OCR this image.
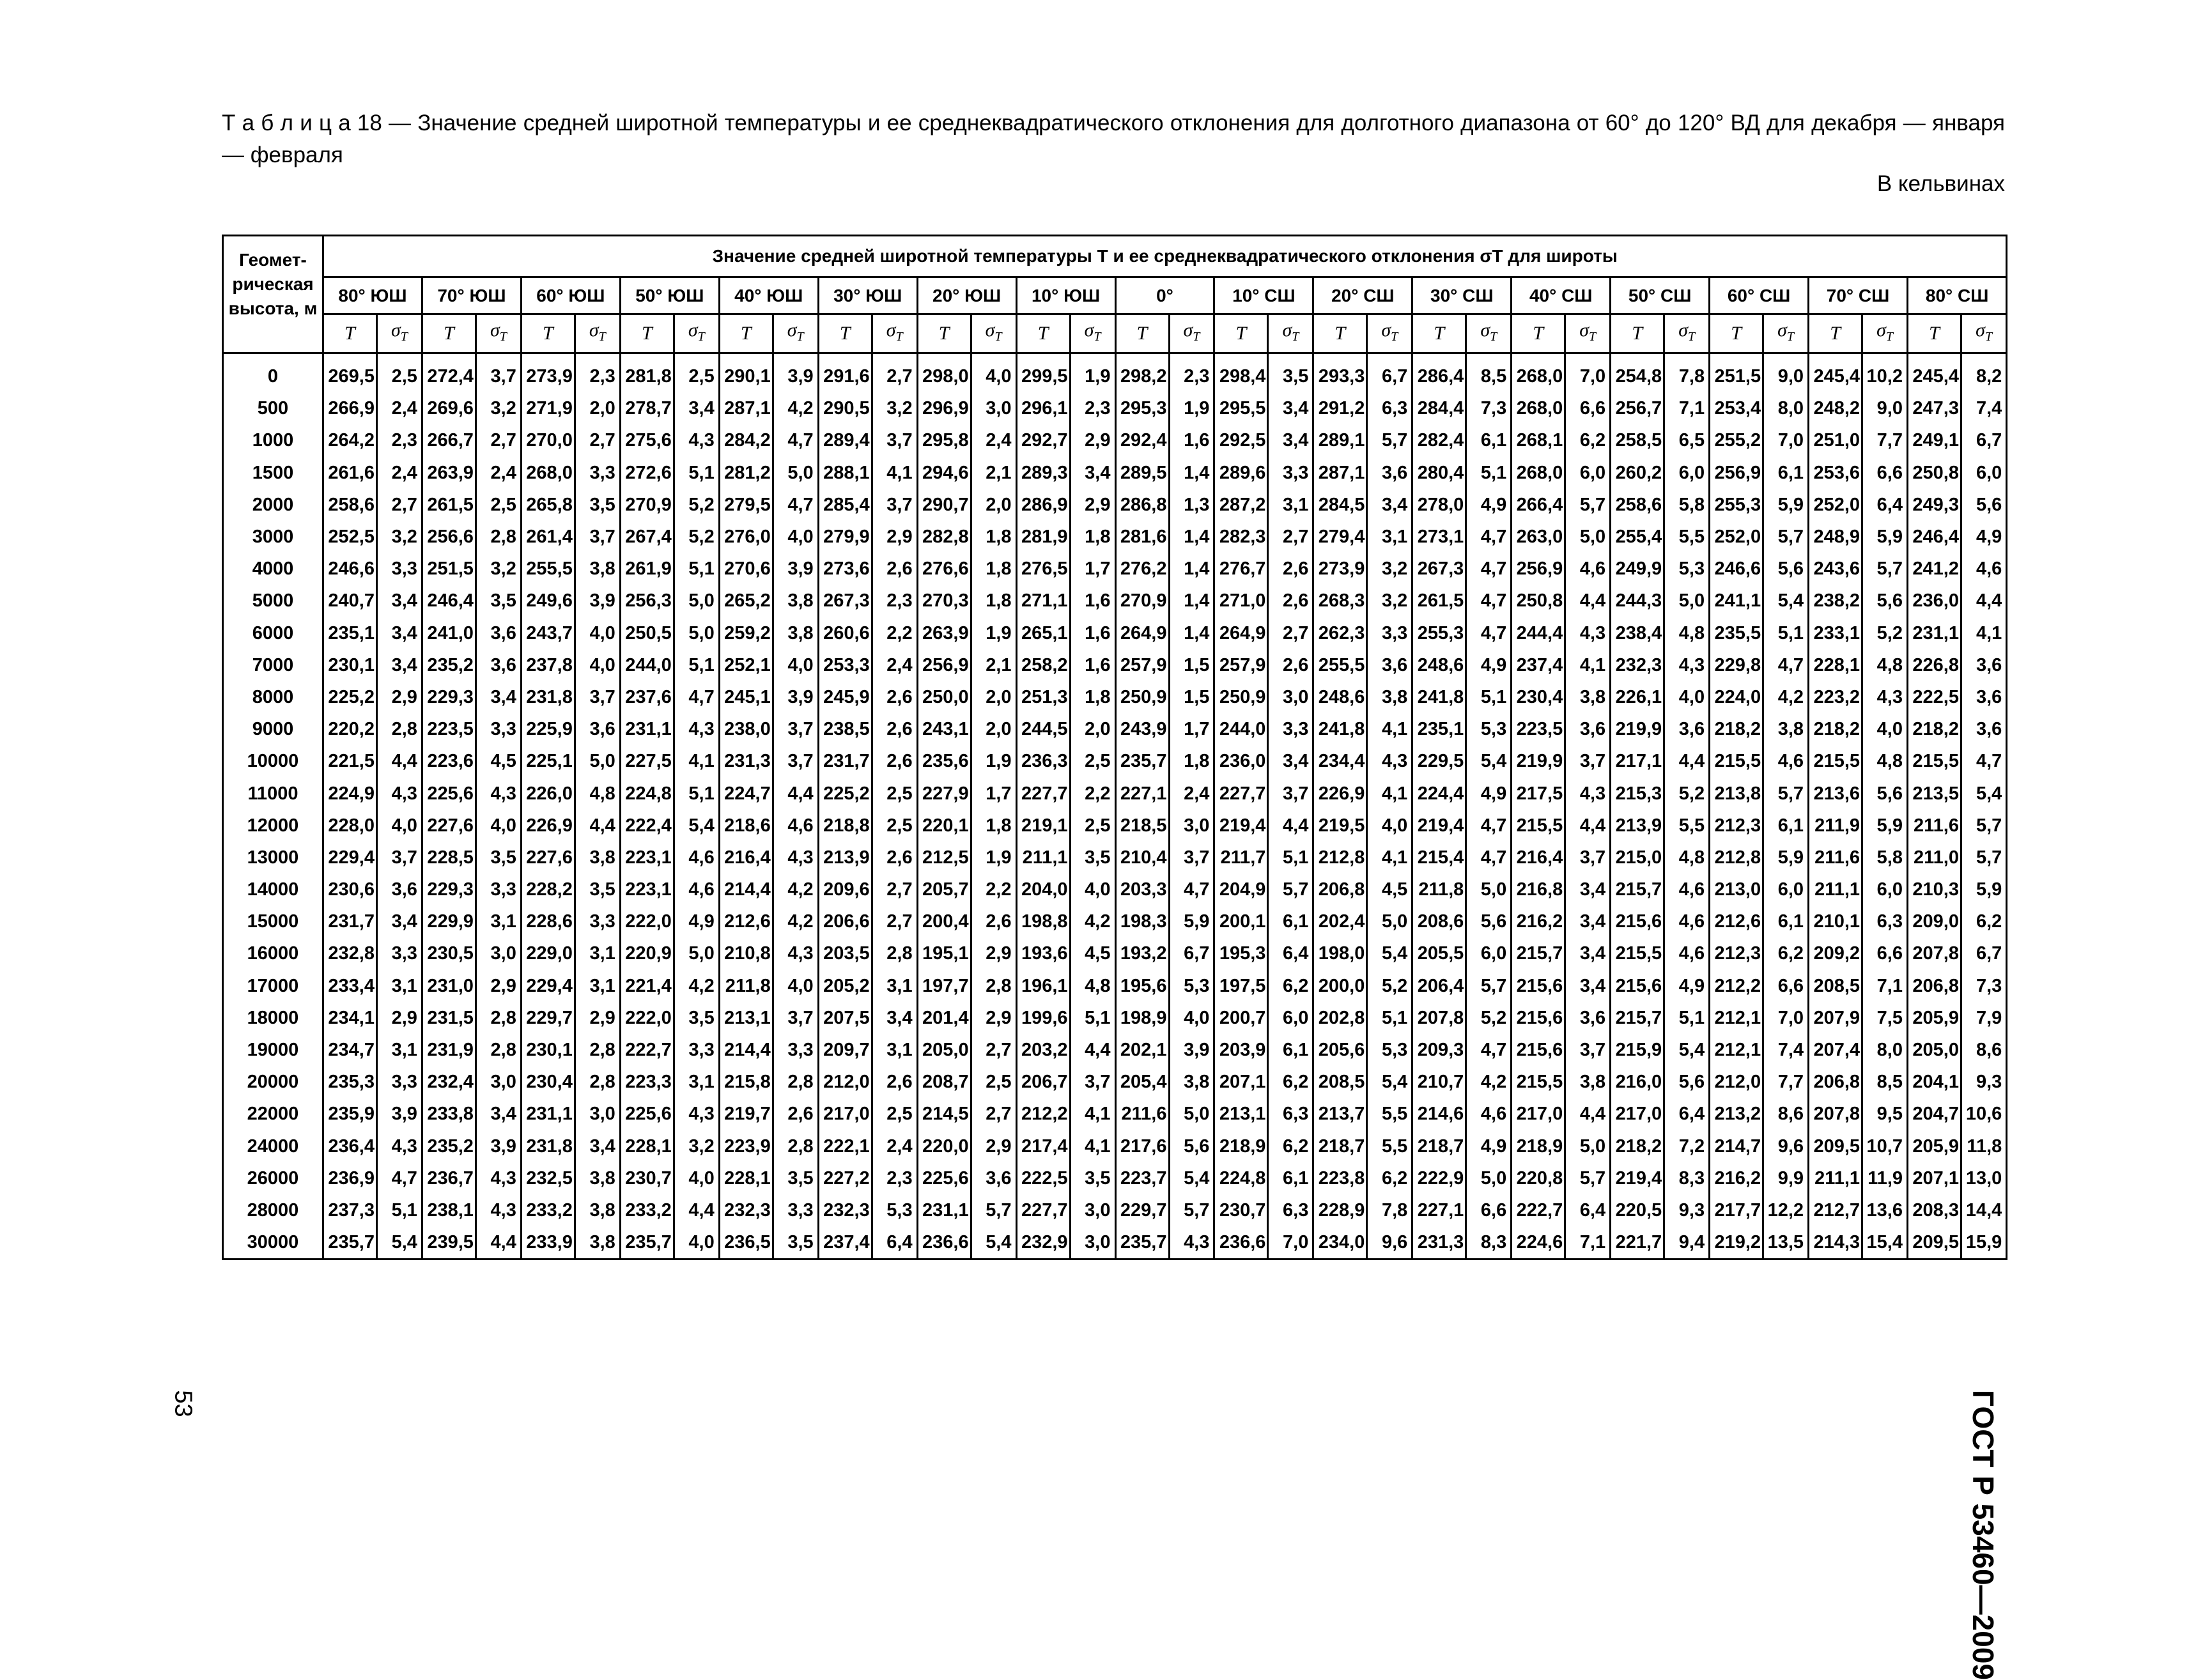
Т а б л и ц а 18 — Значение средней широтной температуры и ее среднеквадратического отклонения для долготного диапазона от 60° до 120° ВД для декабря — января — февраля
В кельвинах
Геомет-
рическая
высота, м	Значение средней широтной температуры T и ее среднеквадратического отклонения σT для широты																																	
	80° ЮШ		70° ЮШ		60° ЮШ		50° ЮШ		40° ЮШ		30° ЮШ		20° ЮШ		10° ЮШ		0°		10° СШ		20° СШ		30° СШ		40° СШ		50° СШ		60° СШ		70° СШ		80° СШ	
	T	$\sigma_T$	T	$\sigma_T$	T	$\sigma_T$	T	$\sigma_T$	T	$\sigma_T$	T	$\sigma_T$	T	$\sigma_T$	T	$\sigma_T$	T	$\sigma_T$	T	$\sigma_T$	T	$\sigma_T$	T	$\sigma_T$	T	$\sigma_T$	T	$\sigma_T$	T	$\sigma_T$	T	$\sigma_T$	T	$\sigma_T$
0	269,5	2,5	272,4	3,7	273,9	2,3	281,8	2,5	290,1	3,9	291,6	2,7	298,0	4,0	299,5	1,9	298,2	2,3	298,4	3,5	293,3	6,7	286,4	8,5	268,0	7,0	254,8	7,8	251,5	9,0	245,4	10,2	245,4	8,2
500	266,9	2,4	269,6	3,2	271,9	2,0	278,7	3,4	287,1	4,2	290,5	3,2	296,9	3,0	296,1	2,3	295,3	1,9	295,5	3,4	291,2	6,3	284,4	7,3	268,0	6,6	256,7	7,1	253,4	8,0	248,2	9,0	247,3	7,4
1000	264,2	2,3	266,7	2,7	270,0	2,7	275,6	4,3	284,2	4,7	289,4	3,7	295,8	2,4	292,7	2,9	292,4	1,6	292,5	3,4	289,1	5,7	282,4	6,1	268,1	6,2	258,5	6,5	255,2	7,0	251,0	7,7	249,1	6,7
1500	261,6	2,4	263,9	2,4	268,0	3,3	272,6	5,1	281,2	5,0	288,1	4,1	294,6	2,1	289,3	3,4	289,5	1,4	289,6	3,3	287,1	3,6	280,4	5,1	268,0	6,0	260,2	6,0	256,9	6,1	253,6	6,6	250,8	6,0
2000	258,6	2,7	261,5	2,5	265,8	3,5	270,9	5,2	279,5	4,7	285,4	3,7	290,7	2,0	286,9	2,9	286,8	1,3	287,2	3,1	284,5	3,4	278,0	4,9	266,4	5,7	258,6	5,8	255,3	5,9	252,0	6,4	249,3	5,6
3000	252,5	3,2	256,6	2,8	261,4	3,7	267,4	5,2	276,0	4,0	279,9	2,9	282,8	1,8	281,9	1,8	281,6	1,4	282,3	2,7	279,4	3,1	273,1	4,7	263,0	5,0	255,4	5,5	252,0	5,7	248,9	5,9	246,4	4,9
4000	246,6	3,3	251,5	3,2	255,5	3,8	261,9	5,1	270,6	3,9	273,6	2,6	276,6	1,8	276,5	1,7	276,2	1,4	276,7	2,6	273,9	3,2	267,3	4,7	256,9	4,6	249,9	5,3	246,6	5,6	243,6	5,7	241,2	4,6
5000	240,7	3,4	246,4	3,5	249,6	3,9	256,3	5,0	265,2	3,8	267,3	2,3	270,3	1,8	271,1	1,6	270,9	1,4	271,0	2,6	268,3	3,2	261,5	4,7	250,8	4,4	244,3	5,0	241,1	5,4	238,2	5,6	236,0	4,4
6000	235,1	3,4	241,0	3,6	243,7	4,0	250,5	5,0	259,2	3,8	260,6	2,2	263,9	1,9	265,1	1,6	264,9	1,4	264,9	2,7	262,3	3,3	255,3	4,7	244,4	4,3	238,4	4,8	235,5	5,1	233,1	5,2	231,1	4,1
7000	230,1	3,4	235,2	3,6	237,8	4,0	244,0	5,1	252,1	4,0	253,3	2,4	256,9	2,1	258,2	1,6	257,9	1,5	257,9	2,6	255,5	3,6	248,6	4,9	237,4	4,1	232,3	4,3	229,8	4,7	228,1	4,8	226,8	3,6
8000	225,2	2,9	229,3	3,4	231,8	3,7	237,6	4,7	245,1	3,9	245,9	2,6	250,0	2,0	251,3	1,8	250,9	1,5	250,9	3,0	248,6	3,8	241,8	5,1	230,4	3,8	226,1	4,0	224,0	4,2	223,2	4,3	222,5	3,6
9000	220,2	2,8	223,5	3,3	225,9	3,6	231,1	4,3	238,0	3,7	238,5	2,6	243,1	2,0	244,5	2,0	243,9	1,7	244,0	3,3	241,8	4,1	235,1	5,3	223,5	3,6	219,9	3,6	218,2	3,8	218,2	4,0	218,2	3,6
10000	221,5	4,4	223,6	4,5	225,1	5,0	227,5	4,1	231,3	3,7	231,7	2,6	235,6	1,9	236,3	2,5	235,7	1,8	236,0	3,4	234,4	4,3	229,5	5,4	219,9	3,7	217,1	4,4	215,5	4,6	215,5	4,8	215,5	4,7
11000	224,9	4,3	225,6	4,3	226,0	4,8	224,8	5,1	224,7	4,4	225,2	2,5	227,9	1,7	227,7	2,2	227,1	2,4	227,7	3,7	226,9	4,1	224,4	4,9	217,5	4,3	215,3	5,2	213,8	5,7	213,6	5,6	213,5	5,4
12000	228,0	4,0	227,6	4,0	226,9	4,4	222,4	5,4	218,6	4,6	218,8	2,5	220,1	1,8	219,1	2,5	218,5	3,0	219,4	4,4	219,5	4,0	219,4	4,7	215,5	4,4	213,9	5,5	212,3	6,1	211,9	5,9	211,6	5,7
13000	229,4	3,7	228,5	3,5	227,6	3,8	223,1	4,6	216,4	4,3	213,9	2,6	212,5	1,9	211,1	3,5	210,4	3,7	211,7	5,1	212,8	4,1	215,4	4,7	216,4	3,7	215,0	4,8	212,8	5,9	211,6	5,8	211,0	5,7
14000	230,6	3,6	229,3	3,3	228,2	3,5	223,1	4,6	214,4	4,2	209,6	2,7	205,7	2,2	204,0	4,0	203,3	4,7	204,9	5,7	206,8	4,5	211,8	5,0	216,8	3,4	215,7	4,6	213,0	6,0	211,1	6,0	210,3	5,9
15000	231,7	3,4	229,9	3,1	228,6	3,3	222,0	4,9	212,6	4,2	206,6	2,7	200,4	2,6	198,8	4,2	198,3	5,9	200,1	6,1	202,4	5,0	208,6	5,6	216,2	3,4	215,6	4,6	212,6	6,1	210,1	6,3	209,0	6,2
16000	232,8	3,3	230,5	3,0	229,0	3,1	220,9	5,0	210,8	4,3	203,5	2,8	195,1	2,9	193,6	4,5	193,2	6,7	195,3	6,4	198,0	5,4	205,5	6,0	215,7	3,4	215,5	4,6	212,3	6,2	209,2	6,6	207,8	6,7
17000	233,4	3,1	231,0	2,9	229,4	3,1	221,4	4,2	211,8	4,0	205,2	3,1	197,7	2,8	196,1	4,8	195,6	5,3	197,5	6,2	200,0	5,2	206,4	5,7	215,6	3,4	215,6	4,9	212,2	6,6	208,5	7,1	206,8	7,3
18000	234,1	2,9	231,5	2,8	229,7	2,9	222,0	3,5	213,1	3,7	207,5	3,4	201,4	2,9	199,6	5,1	198,9	4,0	200,7	6,0	202,8	5,1	207,8	5,2	215,6	3,6	215,7	5,1	212,1	7,0	207,9	7,5	205,9	7,9
19000	234,7	3,1	231,9	2,8	230,1	2,8	222,7	3,3	214,4	3,3	209,7	3,1	205,0	2,7	203,2	4,4	202,1	3,9	203,9	6,1	205,6	5,3	209,3	4,7	215,6	3,7	215,9	5,4	212,1	7,4	207,4	8,0	205,0	8,6
20000	235,3	3,3	232,4	3,0	230,4	2,8	223,3	3,1	215,8	2,8	212,0	2,6	208,7	2,5	206,7	3,7	205,4	3,8	207,1	6,2	208,5	5,4	210,7	4,2	215,5	3,8	216,0	5,6	212,0	7,7	206,8	8,5	204,1	9,3
22000	235,9	3,9	233,8	3,4	231,1	3,0	225,6	4,3	219,7	2,6	217,0	2,5	214,5	2,7	212,2	4,1	211,6	5,0	213,1	6,3	213,7	5,5	214,6	4,6	217,0	4,4	217,0	6,4	213,2	8,6	207,8	9,5	204,7	10,6
24000	236,4	4,3	235,2	3,9	231,8	3,4	228,1	3,2	223,9	2,8	222,1	2,4	220,0	2,9	217,4	4,1	217,6	5,6	218,9	6,2	218,7	5,5	218,7	4,9	218,9	5,0	218,2	7,2	214,7	9,6	209,5	10,7	205,9	11,8
26000	236,9	4,7	236,7	4,3	232,5	3,8	230,7	4,0	228,1	3,5	227,2	2,3	225,6	3,6	222,5	3,5	223,7	5,4	224,8	6,1	223,8	6,2	222,9	5,0	220,8	5,7	219,4	8,3	216,2	9,9	211,1	11,9	207,1	13,0
28000	237,3	5,1	238,1	4,3	233,2	3,8	233,2	4,4	232,3	3,3	232,3	5,3	231,1	5,7	227,7	3,0	229,7	5,7	230,7	6,3	228,9	7,8	227,1	6,6	222,7	6,4	220,5	9,3	217,7	12,2	212,7	13,6	208,3	14,4
30000	235,7	5,4	239,5	4,4	233,9	3,8	235,7	4,0	236,5	3,5	237,4	6,4	236,6	5,4	232,9	3,0	235,7	4,3	236,6	7,0	234,0	9,6	231,3	8,3	224,6	7,1	221,7	9,4	219,2	13,5	214,3	15,4	209,5	15,9
53	ГОСТ Р 53460—2009
